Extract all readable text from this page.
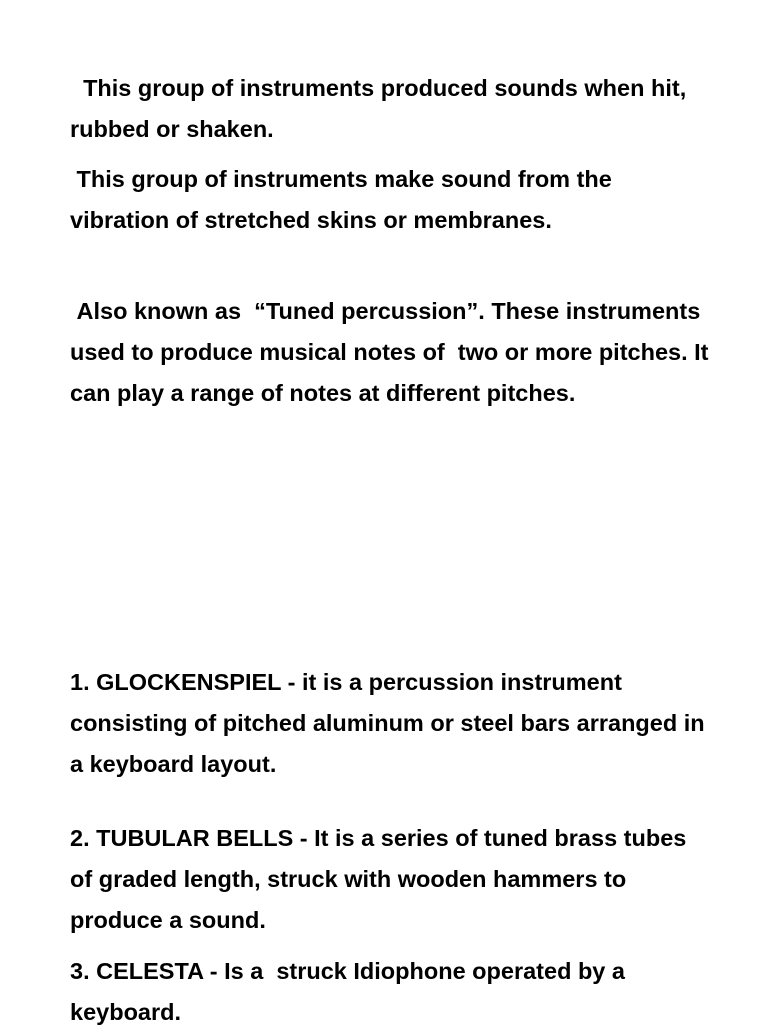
This group of instruments produced sounds when hit, rubbed or shaken.

This group of instruments make sound from the vibration of stretched skins or membranes.

Also known as  “Tuned percussion”. These instruments used to produce musical notes of  two or more pitches. It can play a range of notes at different pitches.

1. GLOCKENSPIEL - it is a percussion instrument consisting of pitched aluminum or steel bars arranged in a keyboard layout.

2. TUBULAR BELLS - It is a series of tuned brass tubes of graded length, struck with wooden hammers to produce a sound.

3. CELESTA - Is a  struck Idiophone operated by a keyboard.
